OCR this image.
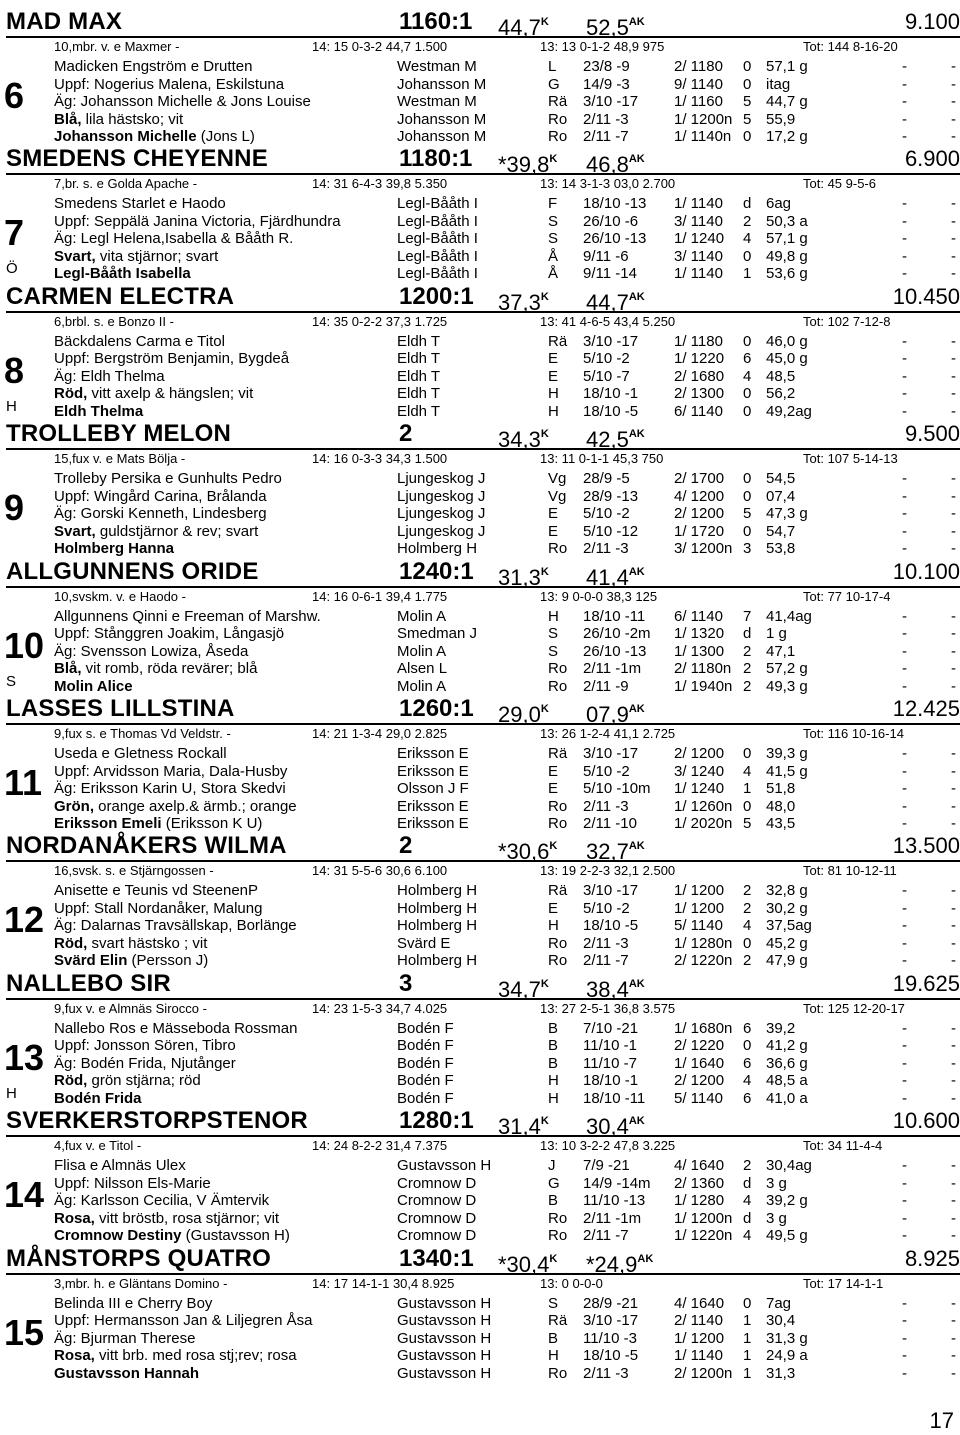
MAD MAX	1160:1 $44,7^K$ $52,5^{AK}$	9.100
10,mbr. v. e Maxmer -	14: 15 0-3-2 44,7 1.500	13: 13 0-1-2 48,9 975	Tot: 144 8-16-20
Madicken Engström e Drutten	Westman M	L 23/8 -9	2/ 1180 0 57,1 g	-	-
Uppf: Nogerius Malena, Eskilstuna	Johansson M	G 14/9 -3	9/ 1140 0 itag	-	-
Äg: Johansson Michelle & Jons Louise	Westman M	Rä 3/10 -17 1/ 1160 5 44,7 g	-	-
Blå, lila hästsko; vit	Johansson M	Ro 2/11 -3	1/ 1200n 5 55,9	-	-
Johansson Michelle (Jons L)	Johansson M	Ro 2/11 -7	1/ 1140n 0 17,2 g	-	-
6
SMEDENS CHEYENNE	1180:1 $*39,8^K$ $46,8^{AK}$	6.900
7,br. s. e Golda Apache -	14: 31 6-4-3 39,8 5.350	13: 14 3-1-3 03,0 2.700	Tot: 45 9-5-6
Smedens Starlet e Haodo	Legl-Bååth I	F 18/10 -13 1/ 1140 d 6ag	-	-
Uppf: Seppälä Janina Victoria, Fjärdhundra	Legl-Bååth I	S 26/10 -6 3/ 1140 2 50,3 a	-	-
Äg: Legl Helena,Isabella & Bååth R.	Legl-Bååth I	S 26/10 -13 1/ 1240 4 57,1 g	-	-
Svart, vita stjärnor; svart	Legl-Bååth I	Å 9/11 -6	3/ 1140 0 49,8 g	-	-
Legl-Bååth Isabella	Legl-Bååth I	Å 9/11 -14 1/ 1140 1 53,6 g	-	-
7
Ö
CARMEN ELECTRA	1200:1 $37,3^K$ $44,7^{AK}$	10.450
6,brbl. s. e Bonzo II -	14: 35 0-2-2 37,3 1.725	13: 41 4-6-5 43,4 5.250	Tot: 102 7-12-8
Bäckdalens Carma e Titol	Eldh T	Rä 3/10 -17 1/ 1180 0 46,0 g	-	-
Uppf: Bergström Benjamin, Bygdeå	Eldh T	E 5/10 -2	1/ 1220 6 45,0 g	-	-
Äg: Eldh Thelma	Eldh T	E 5/10 -7	2/ 1680 4 48,5	-	-
Röd, vitt axelp & hängslen; vit	Eldh T	H 18/10 -1 2/ 1300 0 56,2	-	-
Eldh Thelma	Eldh T	H 18/10 -5 6/ 1140 0 49,2ag	-	-
8
H
TROLLEBY MELON	2	$34,3^K$ $42,5^{AK}$	9.500
15,fux v. e Mats Bölja -	14: 16 0-3-3 34,3 1.500	13: 11 0-1-1 45,3 750	Tot: 107 5-14-13
Trolleby Persika e Gunhults Pedro	Ljungeskog J	Vg 28/9 -5	2/ 1700 0 54,5	-	-
Uppf: Wingård Carina, Brålanda	Ljungeskog J	Vg 28/9 -13 4/ 1200 0 07,4	-	-
Äg: Gorski Kenneth, Lindesberg	Ljungeskog J	E 5/10 -2	2/ 1200 5 47,3 g	-	-
Svart, guldstjärnor & rev; svart	Ljungeskog J	E 5/10 -12 1/ 1720 0 54,7	-	-
Holmberg Hanna	Holmberg H	Ro 2/11 -3	3/ 1200n 3 53,8	-	-
9
ALLGUNNENS ORIDE	1240:1 $31,3^K$ $41,4^{AK}$	10.100
10,svskm. v. e Haodo -	14: 16 0-6-1 39,4 1.775	13: 9 0-0-0 38,3 125	Tot: 77 10-17-4
Allgunnens Qinni e Freeman of Marshw.	Molin A	H 18/10 -11 6/ 1140 7 41,4ag	-	-
Uppf: Stånggren Joakim, Långasjö	Smedman J	S 26/10 -2m 1/ 1320 d 1 g	-	-
Äg: Svensson Lowiza, Åseda	Molin A	S 26/10 -13 1/ 1300 2 47,1	-	-
Blå, vit romb, röda revärer; blå	Alsen L	Ro 2/11 -1m 2/ 1180n 2 57,2 g	-	-
Molin Alice	Molin A	Ro 2/11 -9	1/ 1940n 2 49,3 g	-	-
10
S
LASSES LILLSTINA	1260:1 $29,0^K$ $07,9^{AK}$	12.425
9,fux s. e Thomas Vd Veldstr. -	14: 21 1-3-4 29,0 2.825	13: 26 1-2-4 41,1 2.725	Tot: 116 10-16-14
Useda e Gletness Rockall	Eriksson E	Rä 3/10 -17 2/ 1200 0 39,3 g	-	-
Uppf: Arvidsson Maria, Dala-Husby	Eriksson E	E 5/10 -2	3/ 1240 4 41,5 g	-	-
Äg: Eriksson Karin U, Stora Skedvi	Olsson J F	E 5/10 -10m 1/ 1240 1 51,8	-	-
Grön, orange axelp.& ärmb.; orange	Eriksson E	Ro 2/11 -3	1/ 1260n 0 48,0	-	-
Eriksson Emeli (Eriksson K U)	Eriksson E	Ro 2/11 -10 1/ 2020n 5 43,5	-	-
11
NORDANÅKERS WILMA	2	$*30,6^K$ $32,7^{AK}$	13.500
16,svsk. s. e Stjärngossen -	14: 31 5-5-6 30,6 6.100	13: 19 2-2-3 32,1 2.500	Tot: 81 10-12-11
Anisette e Teunis vd SteenenP	Holmberg H	Rä 3/10 -17 1/ 1200 2 32,8 g	-	-
Uppf: Stall Nordanåker, Malung	Holmberg H	E 5/10 -2	1/ 1200 2 30,2 g	-	-
Äg: Dalarnas Travsällskap, Borlänge	Holmberg H	H 18/10 -5 5/ 1140 4 37,5ag	-	-
Röd, svart hästsko ; vit	Svärd E	Ro 2/11 -3	1/ 1280n 0 45,2 g	-	-
Svärd Elin (Persson J)	Holmberg H	Ro 2/11 -7	2/ 1220n 2 47,9 g	-	-
12
NALLEBO SIR	3	$34,7^K$ $38,4^{AK}$	19.625
9,fux v. e Almnäs Sirocco -	14: 23 1-5-3 34,7 4.025	13: 27 2-5-1 36,8 3.575	Tot: 125 12-20-17
Nallebo Ros e Mässeboda Rossman	Bodén F	B 7/10 -21 1/ 1680n 6 39,2	-	-
Uppf: Jonsson Sören, Tibro	Bodén F	B 11/10 -1 2/ 1220 0 41,2 g	-	-
Äg: Bodén Frida, Njutånger	Bodén F	B 11/10 -7 1/ 1640 6 36,6 g	-	-
Röd, grön stjärna; röd	Bodén F	H 18/10 -1 2/ 1200 4 48,5 a	-	-
Bodén Frida	Bodén F	H 18/10 -11 5/ 1140 6 41,0 a	-	-
13
H
SVERKERSTORPSTENOR	1280:1 $31,4^K$ $30,4^{AK}$	10.600
4,fux v. e Titol -	14: 24 8-2-2 31,4 7.375	13: 10 3-2-2 47,8 3.225	Tot: 34 11-4-4
Flisa e Almnäs Ulex	Gustavsson H	J 7/9 -21	4/ 1640 2 30,4ag	-	-
Uppf: Nilsson Els-Marie	Cromnow D	G 14/9 -14m 2/ 1360 d 3 g	-	-
Äg: Karlsson Cecilia, V Ämtervik	Cromnow D	B 11/10 -13 1/ 1280 4 39,2 g	-	-
Rosa, vitt bröstb, rosa stjärnor; vit	Cromnow D	Ro 2/11 -1m 1/ 1200n d 3 g	-	-
Cromnow Destiny (Gustavsson H)	Cromnow D	Ro 2/11 -7	1/ 1220n 4 49,5 g	-	-
14
MÅNSTORPS QUATRO	1340:1 $*30,4^K$ $*24,9^{AK}$	8.925
3,mbr. h. e Gläntans Domino -	14: 17 14-1-1 30,4 8.925	13: 0 0-0-0	Tot: 17 14-1-1
Belinda III e Cherry Boy	Gustavsson H	S 28/9 -21 4/ 1640 0 7ag	-	-
Uppf: Hermansson Jan & Liljegren Åsa	Gustavsson H	Rä 3/10 -17 2/ 1140 1 30,4	-	-
Äg: Bjurman Therese	Gustavsson H	B 11/10 -3 1/ 1200 1 31,3 g	-	-
Rosa, vitt brb. med rosa stj;rev; rosa	Gustavsson H	H 18/10 -5 1/ 1140 1 24,9 a	-	-
Gustavsson Hannah	Gustavsson H	Ro 2/11 -3	2/ 1200n 1 31,3	-	-
15
17
